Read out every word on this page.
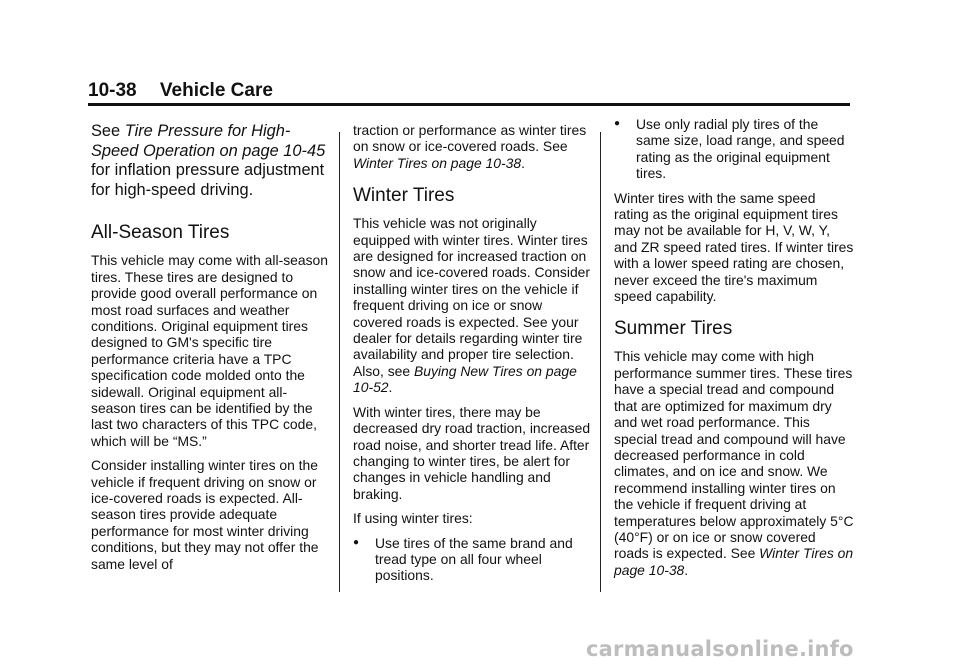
10-38 Vehicle Care

See Tire Pressure for High-Speed Operation on page 10-45 for inflation pressure adjustment for high-speed driving.

All-Season Tires

This vehicle may come with all-season tires. These tires are designed to provide good overall performance on most road surfaces and weather conditions. Original equipment tires designed to GM's specific tire performance criteria have a TPC specification code molded onto the sidewall. Original equipment all-season tires can be identified by the last two characters of this TPC code, which will be “MS.”

Consider installing winter tires on the vehicle if frequent driving on snow or ice-covered roads is expected. All-season tires provide adequate performance for most winter driving conditions, but they may not offer the same level of

traction or performance as winter tires on snow or ice-covered roads. See Winter Tires on page 10-38.

Winter Tires

This vehicle was not originally equipped with winter tires. Winter tires are designed for increased traction on snow and ice-covered roads. Consider installing winter tires on the vehicle if frequent driving on ice or snow covered roads is expected. See your dealer for details regarding winter tire availability and proper tire selection. Also, see Buying New Tires on page 10-52.

With winter tires, there may be decreased dry road traction, increased road noise, and shorter tread life. After changing to winter tires, be alert for changes in vehicle handling and braking.

If using winter tires:

●	Use tires of the same brand and tread type on all four wheel positions.
●	Use only radial ply tires of the same size, load range, and speed rating as the original equipment tires.

Winter tires with the same speed rating as the original equipment tires may not be available for H, V, W, Y, and ZR speed rated tires. If winter tires with a lower speed rating are chosen, never exceed the tire's maximum speed capability.

Summer Tires

This vehicle may come with high performance summer tires. These tires have a special tread and compound that are optimized for maximum dry and wet road performance. This special tread and compound will have decreased performance in cold climates, and on ice and snow. We recommend installing winter tires on the vehicle if frequent driving at temperatures below approximately 5°C (40°F) or on ice or snow covered roads is expected. See Winter Tires on page 10-38.

carmanualsonline.info
